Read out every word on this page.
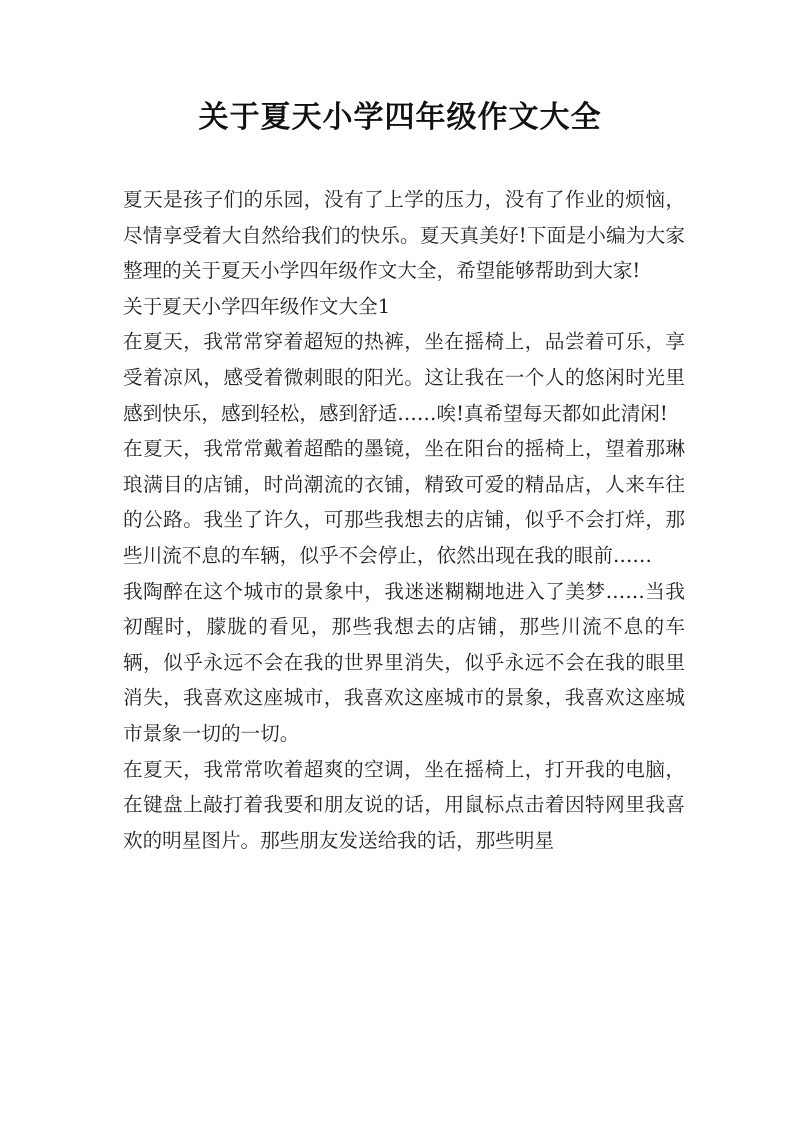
关于夏天小学四年级作文大全

夏天是孩子们的乐园，没有了上学的压力，没有了作业的烦恼，尽情享受着大自然给我们的快乐。夏天真美好!下面是小编为大家整理的关于夏天小学四年级作文大全，希望能够帮助到大家!

关于夏天小学四年级作文大全1

在夏天，我常常穿着超短的热裤，坐在摇椅上，品尝着可乐，享受着凉风，感受着微刺眼的阳光。这让我在一个人的悠闲时光里感到快乐，感到轻松，感到舒适……唉!真希望每天都如此清闲!

在夏天，我常常戴着超酷的墨镜，坐在阳台的摇椅上，望着那琳琅满目的店铺，时尚潮流的衣铺，精致可爱的精品店，人来车往的公路。我坐了许久，可那些我想去的店铺，似乎不会打烊，那些川流不息的车辆，似乎不会停止，依然出现在我的眼前……

我陶醉在这个城市的景象中，我迷迷糊糊地进入了美梦……当我初醒时，朦胧的看见，那些我想去的店铺，那些川流不息的车辆，似乎永远不会在我的世界里消失，似乎永远不会在我的眼里消失，我喜欢这座城市，我喜欢这座城市的景象，我喜欢这座城市景象一切的一切。

在夏天，我常常吹着超爽的空调，坐在摇椅上，打开我的电脑，在键盘上敲打着我要和朋友说的话，用鼠标点击着因特网里我喜欢的明星图片。那些朋友发送给我的话，那些明星
